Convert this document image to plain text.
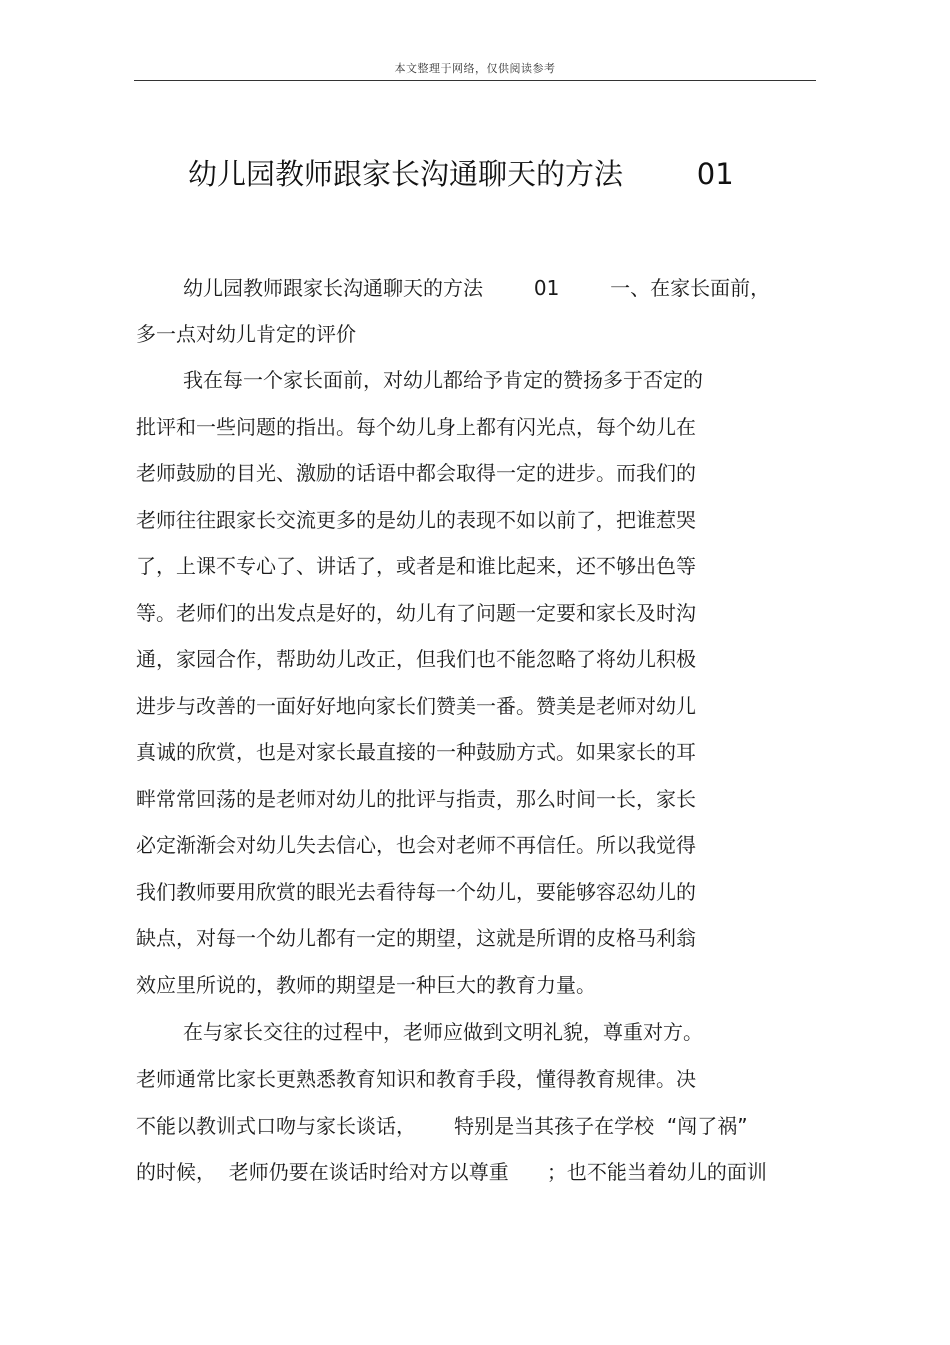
本文整理于网络，仅供阅读参考
幼儿园教师跟家长沟通聊天的方法        01
幼儿园教师跟家长沟通聊天的方法        01        一、在家长面前，
多一点对幼儿肯定的评价
我在每一个家长面前，对幼儿都给予肯定的赞扬多于否定的
批评和一些问题的指出。每个幼儿身上都有闪光点，每个幼儿在
老师鼓励的目光、激励的话语中都会取得一定的进步。而我们的
老师往往跟家长交流更多的是幼儿的表现不如以前了，把谁惹哭
了，上课不专心了、讲话了，或者是和谁比起来，还不够出色等
等。老师们的出发点是好的，幼儿有了问题一定要和家长及时沟
通，家园合作，帮助幼儿改正，但我们也不能忽略了将幼儿积极
进步与改善的一面好好地向家长们赞美一番。赞美是老师对幼儿
真诚的欣赏，也是对家长最直接的一种鼓励方式。如果家长的耳
畔常常回荡的是老师对幼儿的批评与指责，那么时间一长，家长
必定渐渐会对幼儿失去信心，也会对老师不再信任。所以我觉得
我们教师要用欣赏的眼光去看待每一个幼儿，要能够容忍幼儿的
缺点，对每一个幼儿都有一定的期望，这就是所谓的皮格马利翁
效应里所说的，教师的期望是一种巨大的教育力量。
在与家长交往的过程中，老师应做到文明礼貌，尊重对方。
老师通常比家长更熟悉教育知识和教育手段，懂得教育规律。决
不能以教训式口吻与家长谈话，      特别是当其孩子在学校  “闯了祸”
的时候，  老师仍要在谈话时给对方以尊重      ；也不能当着幼儿的面训
